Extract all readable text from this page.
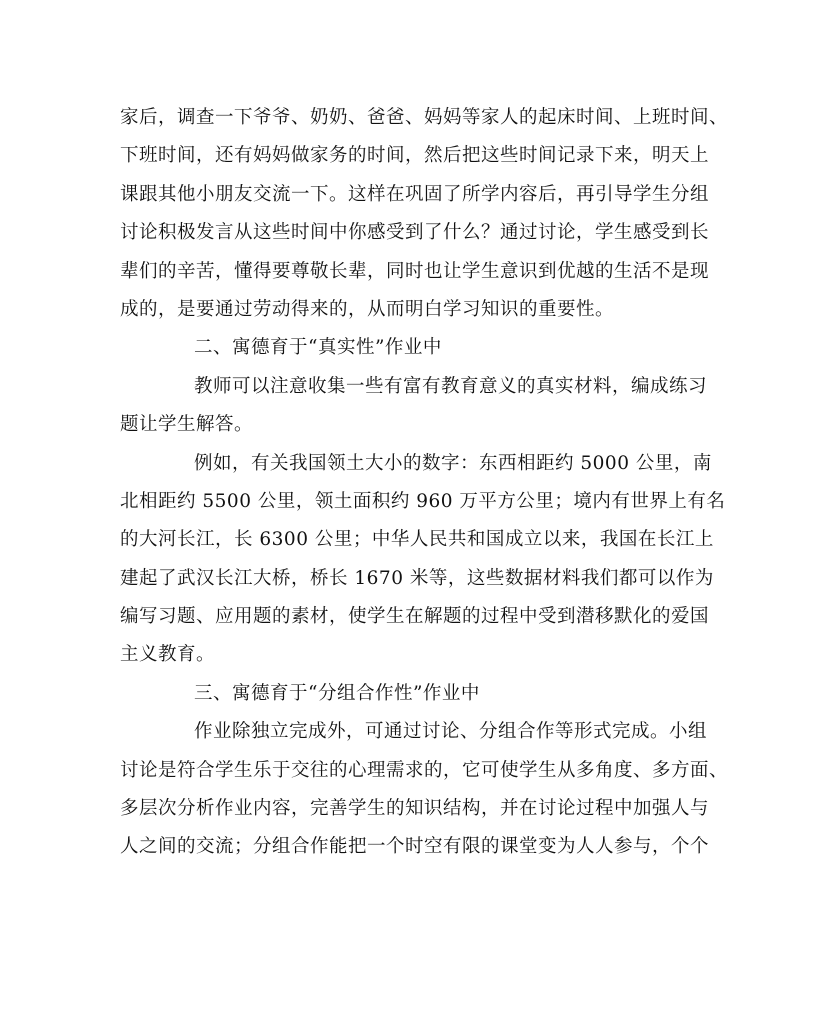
家后，调查一下爷爷、奶奶、爸爸、妈妈等家人的起床时间、上班时间、
下班时间，还有妈妈做家务的时间，然后把这些时间记录下来，明天上
课跟其他小朋友交流一下。这样在巩固了所学内容后，再引导学生分组
讨论积极发言从这些时间中你感受到了什么？通过讨论，学生感受到长
辈们的辛苦，懂得要尊敬长辈，同时也让学生意识到优越的生活不是现
成的，是要通过劳动得来的，从而明白学习知识的重要性。
二、寓德育于“真实性”作业中
教师可以注意收集一些有富有教育意义的真实材料，编成练习
题让学生解答。
例如，有关我国领土大小的数字：东西相距约 5000 公里，南
北相距约 5500 公里，领土面积约 960 万平方公里；境内有世界上有名
的大河长江，长 6300 公里；中华人民共和国成立以来，我国在长江上
建起了武汉长江大桥，桥长 1670 米等，这些数据材料我们都可以作为
编写习题、应用题的素材，使学生在解题的过程中受到潜移默化的爱国
主义教育。
三、寓德育于“分组合作性”作业中
作业除独立完成外，可通过讨论、分组合作等形式完成。小组
讨论是符合学生乐于交往的心理需求的，它可使学生从多角度、多方面、
多层次分析作业内容，完善学生的知识结构，并在讨论过程中加强人与
人之间的交流；分组合作能把一个时空有限的课堂变为人人参与，个个
